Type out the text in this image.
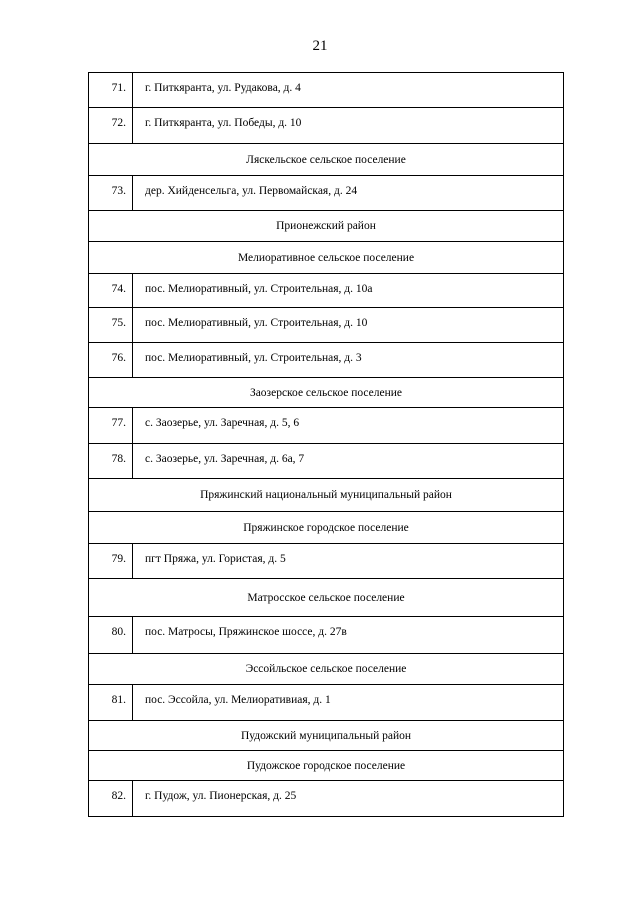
21
71.	г. Питкяранта, ул. Рудакова, д. 4
72.	г. Питкяранта, ул. Победы, д. 10
Ляскельское сельское поселение	
73.	дер. Хийденсельга, ул. Первомайская, д. 24
Прионежский район	
Мелиоративное сельское поселение	
74.	пос. Мелиоративный, ул. Строительная, д. 10а
75.	пос. Мелиоративный, ул. Строительная, д. 10
76.	пос. Мелиоративный, ул. Строительная, д. 3
Заозерское сельское поселение	
77.	с. Заозерье, ул. Заречная, д. 5, 6
78.	с. Заозерье, ул. Заречная, д. 6а, 7
Пряжинский национальный муниципальный район	
Пряжинское городское поселение	
79.	пгт Пряжа, ул. Гористая, д. 5
Матросское сельское поселение	
80.	пос. Матросы, Пряжинское шоссе, д. 27в
Эссойльское сельское поселение	
81.	пос. Эссойла, ул. Мелиоративиая, д. 1
Пудожский муниципальный район	
Пудожское городское поселение	
82.	г. Пудож, ул. Пионерская, д. 25
